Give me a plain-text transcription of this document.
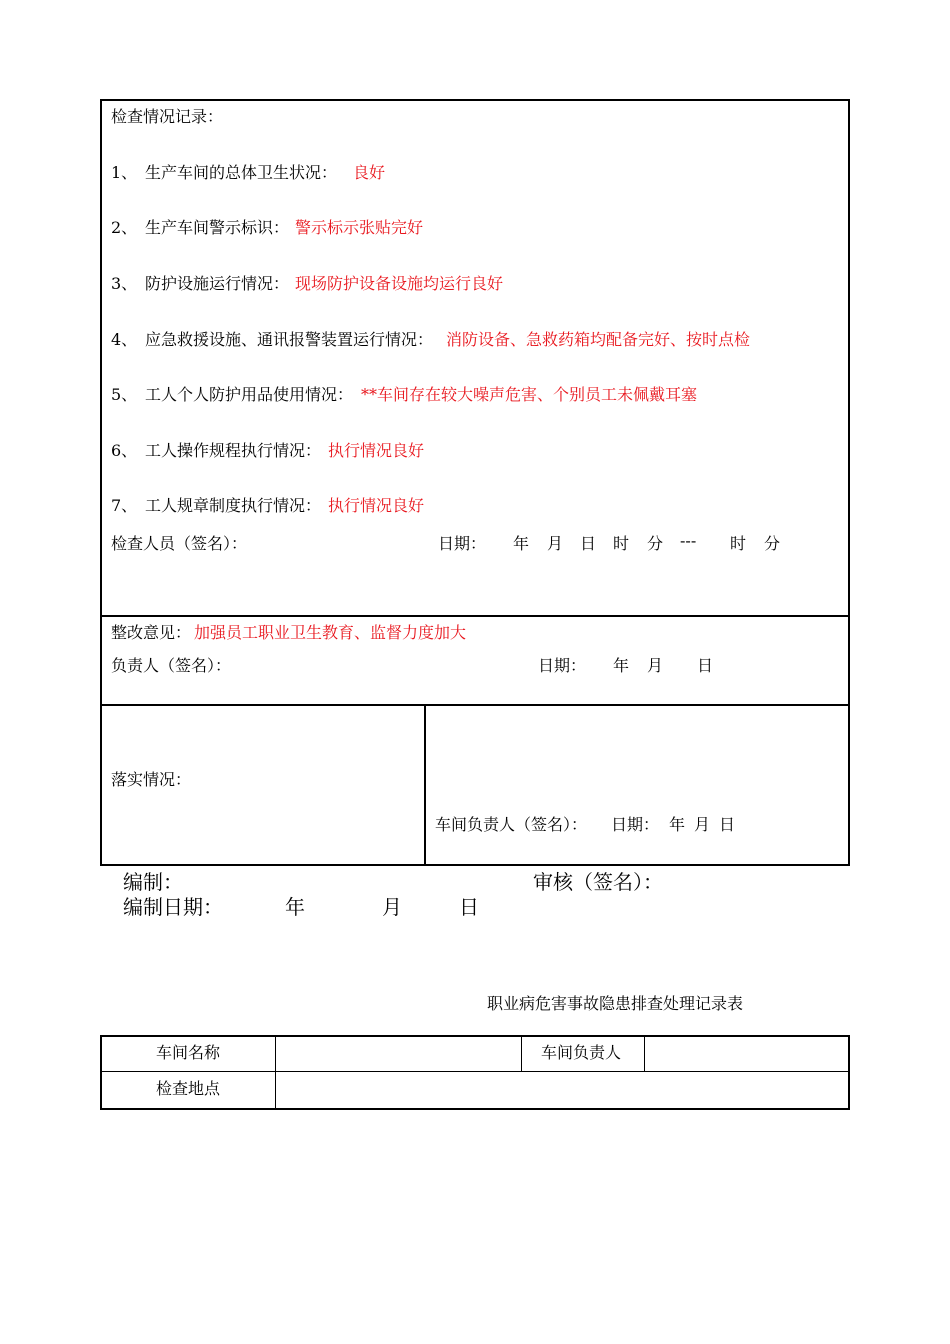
检查情况记录：
1、 生产车间的总体卫生状况： 良好
2、 生产车间警示标识： 警示标示张贴完好
3、 防护设施运行情况： 现场防护设备设施均运行良好
4、 应急救援设施、通讯报警装置运行情况： 消防设备、急救药箱均配备完好、按时点检
5、 工人个人防护用品使用情况： **车间存在较大噪声危害、个别员工未佩戴耳塞
6、 工人操作规程执行情况： 执行情况良好
7、 工人规章制度执行情况： 执行情况良好
检查人员（签名）：	日期： 年 月 日 时 分 --- 时 分
整改意见： 加强员工职业卫生教育、监督力度加大
负责人（签名）：	日期： 年 月 日
落实情况：
车间负责人（签名）： 日期： 年 月 日
编制：	审核（签名）：
编制日期：	年	月	日
职业病危害事故隐患排查处理记录表
车间名称	车间负责人
检查地点
